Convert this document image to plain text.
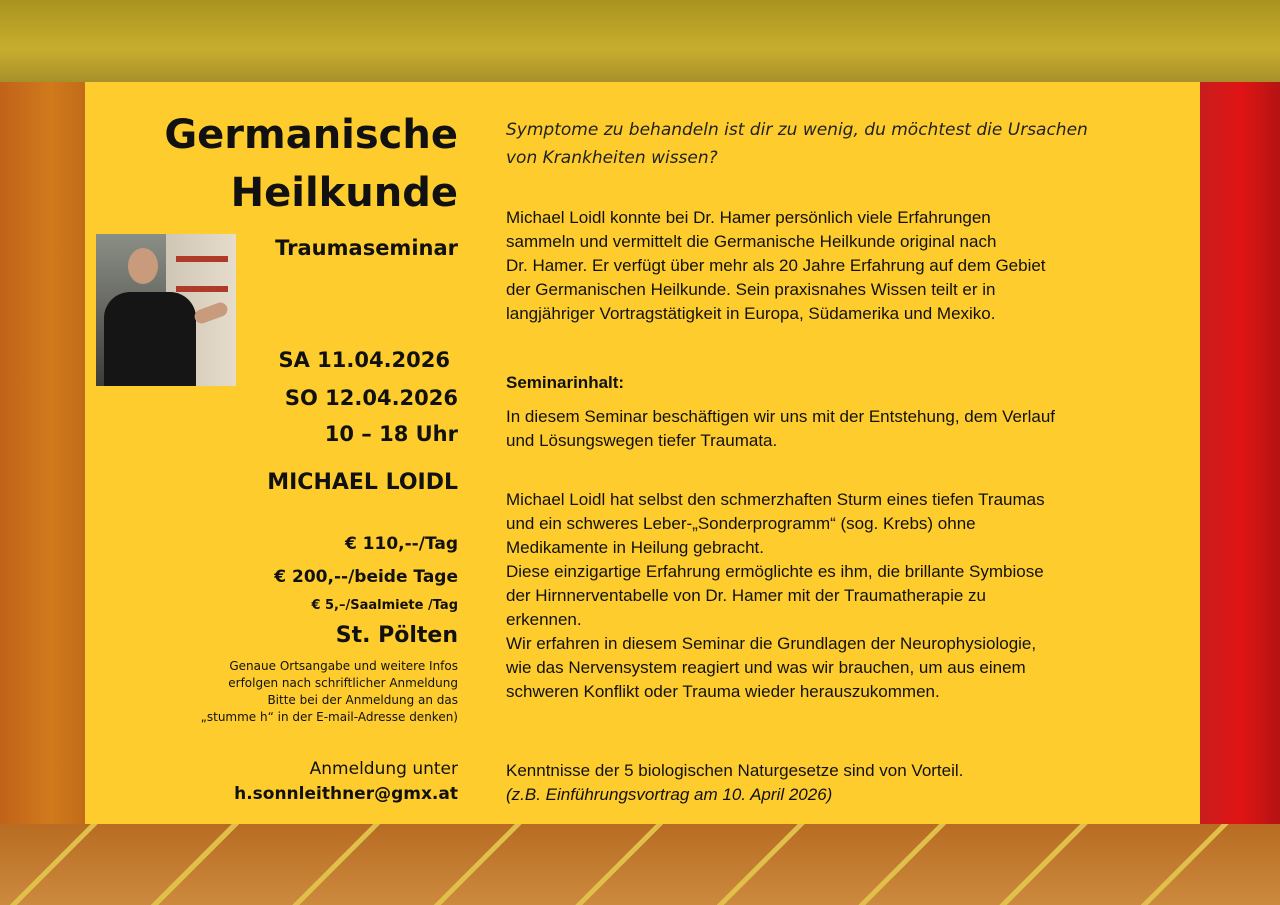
Germanische
Heilkunde
Traumaseminar
SA 11.04.2026
SO 12.04.2026
10 – 18 Uhr
MICHAEL LOIDL
€ 110,--/Tag
€ 200,--/beide Tage
€ 5,–/Saalmiete /Tag
St. Pölten
Genaue Ortsangabe und weitere Infos
erfolgen nach schriftlicher Anmeldung
Bitte bei der Anmeldung an das
„stumme h“ in der E-mail-Adresse denken)
Anmeldung unter
h.sonnleithner@gmx.at
Symptome zu behandeln ist dir zu wenig, du möchtest die Ursachen
von Krankheiten wissen?
Michael Loidl konnte bei Dr. Hamer persönlich viele Erfahrungen
sammeln und vermittelt die Germanische Heilkunde original nach
Dr. Hamer. Er verfügt über mehr als 20 Jahre Erfahrung auf dem Gebiet
der Germanischen Heilkunde. Sein praxisnahes Wissen teilt er in
langjähriger Vortragstätigkeit in Europa, Südamerika und Mexiko.
Seminarinhalt:
In diesem Seminar beschäftigen wir uns mit der Entstehung, dem Verlauf
und Lösungswegen tiefer Traumata.
Michael Loidl hat selbst den schmerzhaften Sturm eines tiefen Traumas
und ein schweres Leber-„Sonderprogramm“ (sog. Krebs) ohne
Medikamente in Heilung gebracht.
Diese einzigartige Erfahrung ermöglichte es ihm, die brillante Symbiose
der Hirnnerventabelle von Dr. Hamer mit der Traumatherapie zu
erkennen.
Wir erfahren in diesem Seminar die Grundlagen der Neurophysiologie,
wie das Nervensystem reagiert und was wir brauchen, um aus einem
schweren Konflikt oder Trauma wieder herauszukommen.
Kenntnisse der 5 biologischen Naturgesetze sind von Vorteil.
(z.B. Einführungsvortrag am 10. April 2026)
